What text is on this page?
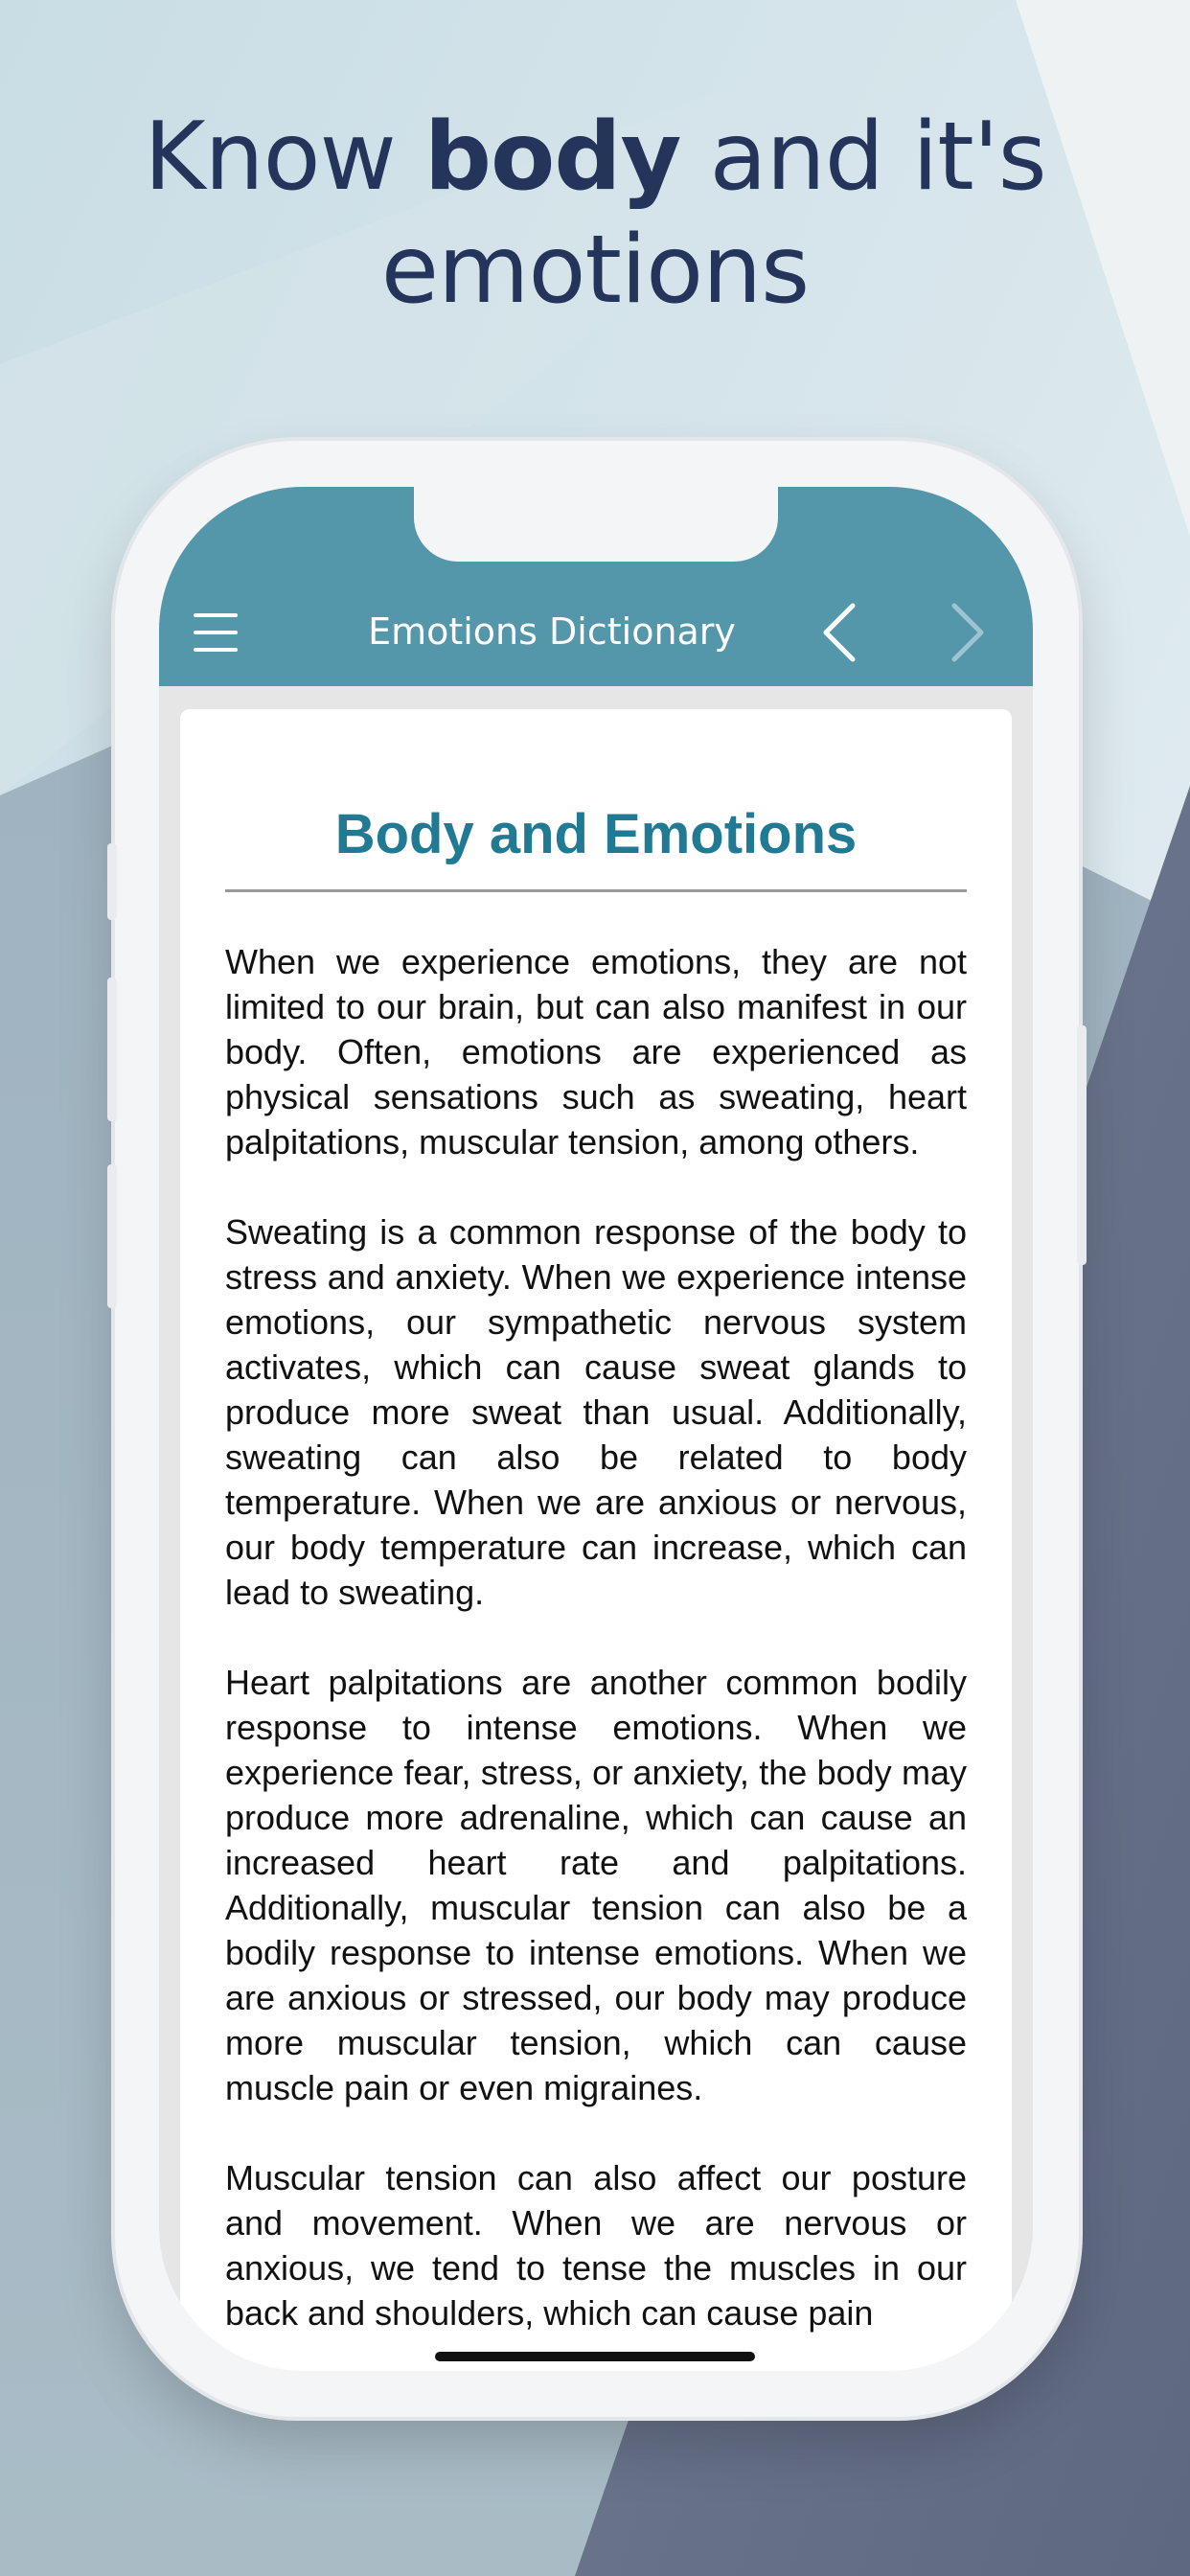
Know body and it's
emotions
Emotions Dictionary
Body and Emotions

When we experience emotions, they are not limited to our brain, but can also manifest in our body. Often, emotions are experienced as physical sensations such as sweating, heart palpitations, muscular tension, among others.

Sweating is a common response of the body to stress and anxiety. When we experience intense emotions, our sympathetic nervous system activates, which can cause sweat glands to produce more sweat than usual. Additionally, sweating can also be related to body temperature. When we are anxious or nervous, our body temperature can increase, which can lead to sweating.

Heart palpitations are another common bodily response to intense emotions. When we experience fear, stress, or anxiety, the body may produce more adrenaline, which can cause an increased heart rate and palpitations. Additionally, muscular tension can also be a bodily response to intense emotions. When we are anxious or stressed, our body may produce more muscular tension, which can cause muscle pain or even migraines.

Muscular tension can also affect our posture and movement. When we are nervous or anxious, we tend to tense the muscles in our back and shoulders, which can cause pain
